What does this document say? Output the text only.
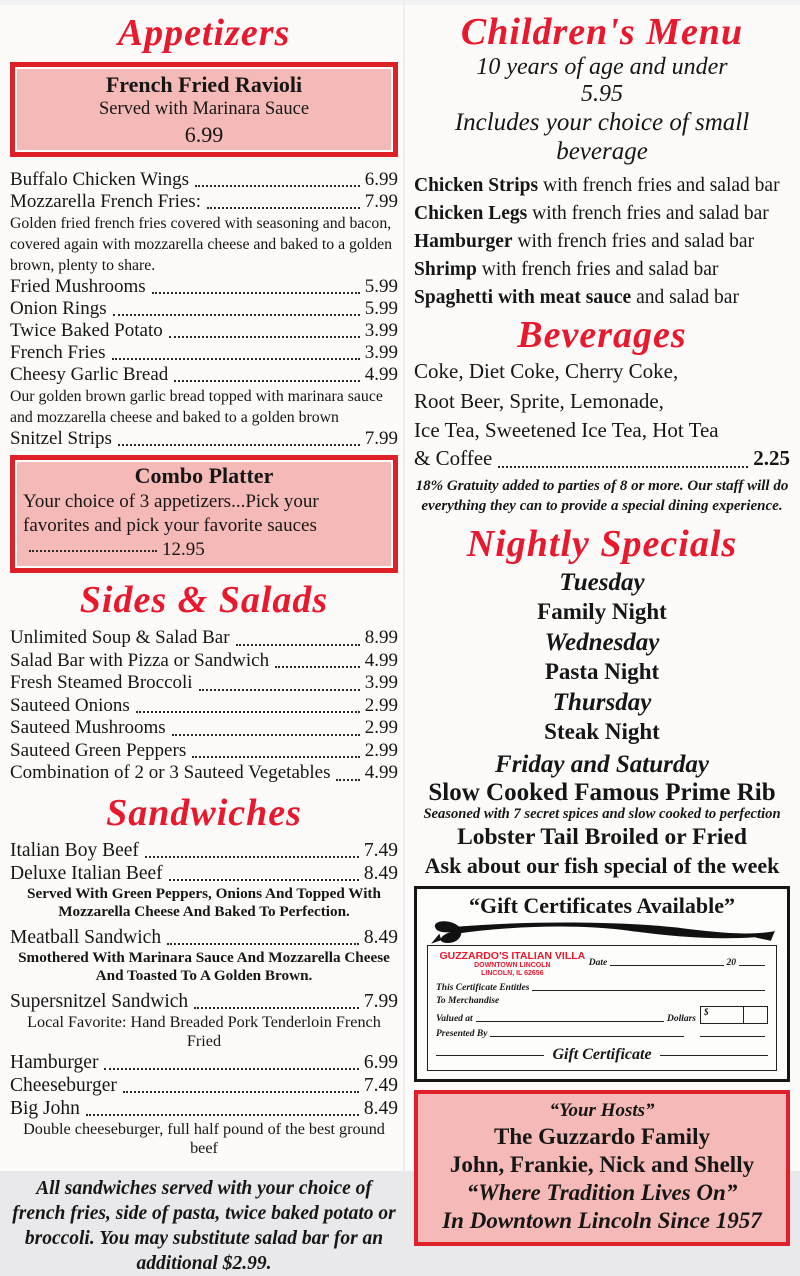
Appetizers
French Fried Ravioli
Served with Marinara Sauce
6.99
Buffalo Chicken Wings	6.99
Mozzarella French Fries:	7.99
Golden fried french fries covered with seasoning and bacon, covered again with mozzarella cheese and baked to a golden brown, plenty to share.
Fried Mushrooms	5.99
Onion Rings	5.99
Twice Baked Potato	3.99
French Fries	3.99
Cheesy Garlic Bread	4.99
Our golden brown garlic bread topped with marinara sauce and mozzarella cheese and baked to a golden brown
Snitzel Strips	7.99
Combo Platter
Your choice of 3 appetizers...Pick your favorites and pick your favorite sauces12.95
Sides & Salads
Unlimited Soup & Salad Bar	8.99
Salad Bar with Pizza or Sandwich	4.99
Fresh Steamed Broccoli	3.99
Sauteed Onions	2.99
Sauteed Mushrooms	2.99
Sauteed Green Peppers	2.99
Combination of 2 or 3 Sauteed Vegetables 4.99
Sandwiches
Italian Boy Beef	7.49
Deluxe Italian Beef	8.49
Served With Green Peppers, Onions And Topped With Mozzarella Cheese And Baked To Perfection.
Meatball Sandwich	8.49
Smothered With Marinara Sauce And Mozzarella Cheese And Toasted To A Golden Brown.
Supersnitzel Sandwich	7.99
Local Favorite: Hand Breaded Pork Tenderloin French Fried
Hamburger	6.99
Cheeseburger	7.49
Big John	8.49
Double cheeseburger, full half pound of the best ground beef
All sandwiches served with your choice of french fries, side of pasta, twice baked potato or broccoli. You may substitute salad bar for an additional $2.99.
Children's Menu
10 years of age and under
5.95
Includes your choice of small beverage
Chicken Strips with french fries and salad bar
Chicken Legs with french fries and salad bar
Hamburger with french fries and salad bar
Shrimp with french fries and salad bar
Spaghetti with meat sauce and salad bar
Beverages
Coke, Diet Coke, Cherry Coke,
Root Beer, Sprite, Lemonade,
Ice Tea, Sweetened Ice Tea, Hot Tea
& Coffee	2.25
18% Gratuity added to parties of 8 or more. Our staff will do everything they can to provide a special dining experience.
Nightly Specials
Tuesday
Family Night
Wednesday
Pasta Night
Thursday
Steak Night
Friday and Saturday
Slow Cooked Famous Prime Rib
Seasoned with 7 secret spices and slow cooked to perfection
Lobster Tail Broiled or Fried
Ask about our fish special of the week
“Gift Certificates Available”
GUZZARDO'S ITALIAN VILLA
DOWNTOWN LINCOLN
LINCOLN, IL 62656
Date	20
This Certificate Entitles
To Merchandise
Valued at	Dollars
$
Presented By
Gift Certificate
“Your Hosts”
The Guzzardo Family
John, Frankie, Nick and Shelly
“Where Tradition Lives On”
In Downtown Lincoln Since 1957
